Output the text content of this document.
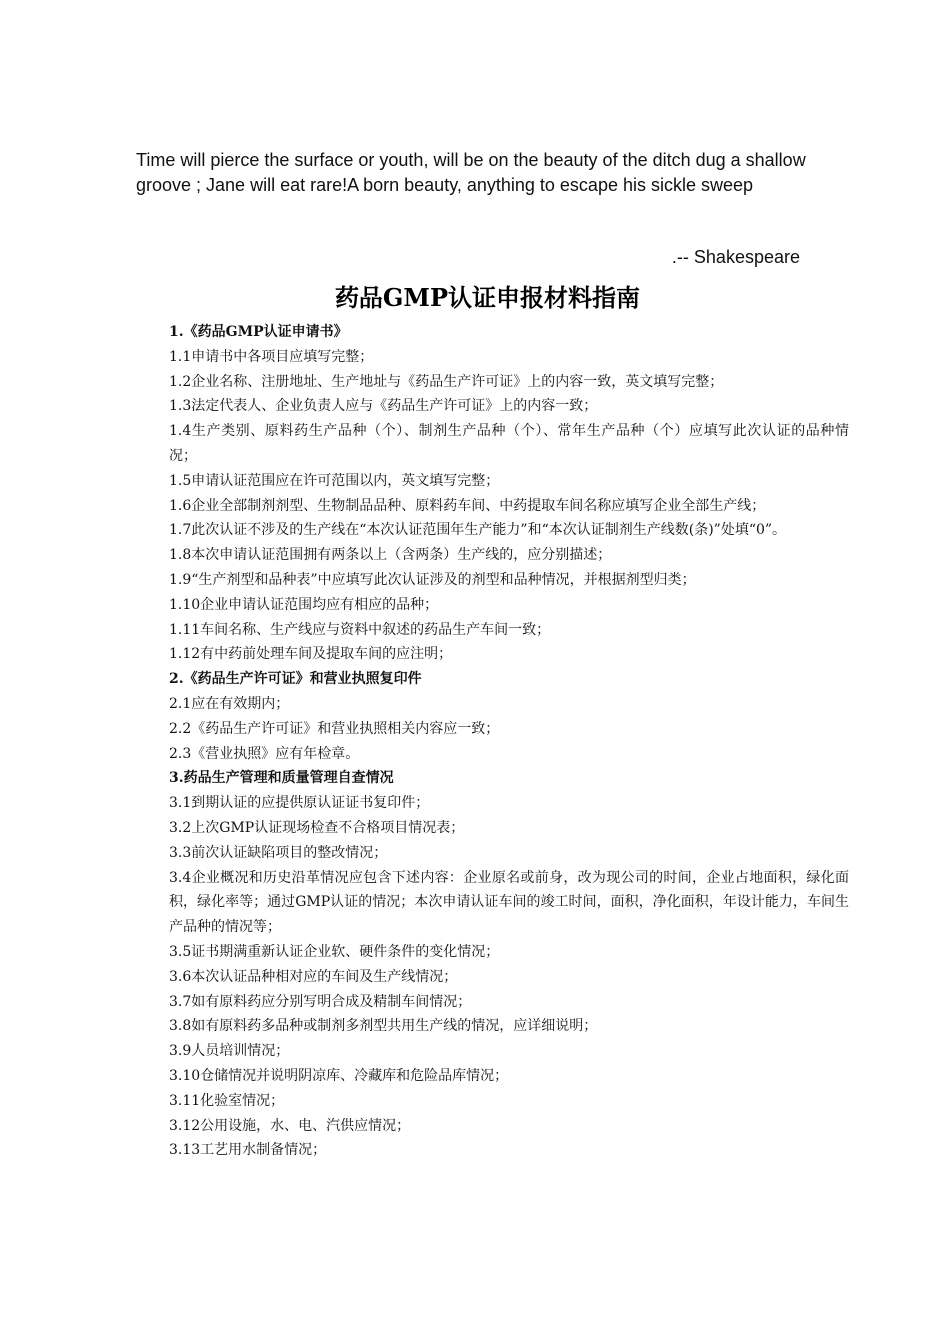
Time will pierce the surface or youth, will be on the beauty of the ditch dug a shallow groove ; Jane will eat rare!A born beauty, anything to escape his sickle sweep
.-- Shakespeare
药品GMP认证申报材料指南
1.《药品GMP认证申请书》
1.1申请书中各项目应填写完整；
1.2企业名称、注册地址、生产地址与《药品生产许可证》上的内容一致，英文填写完整；
1.3法定代表人、企业负责人应与《药品生产许可证》上的内容一致；
1.4生产类别、原料药生产品种（个）、制剂生产品种（个）、常年生产品种（个）应填写此次认证的品种情况；
1.5申请认证范围应在许可范围以内，英文填写完整；
1.6企业全部制剂剂型、生物制品品种、原料药车间、中药提取车间名称应填写企业全部生产线；
1.7此次认证不涉及的生产线在“本次认证范围年生产能力”和“本次认证制剂生产线数(条)”处填“0”。
1.8本次申请认证范围拥有两条以上（含两条）生产线的，应分别描述；
1.9“生产剂型和品种表”中应填写此次认证涉及的剂型和品种情况，并根据剂型归类；
1.10企业申请认证范围均应有相应的品种；
1.11车间名称、生产线应与资料中叙述的药品生产车间一致；
1.12有中药前处理车间及提取车间的应注明；
2.《药品生产许可证》和营业执照复印件
2.1应在有效期内；
2.2《药品生产许可证》和营业执照相关内容应一致；
2.3《营业执照》应有年检章。
3.药品生产管理和质量管理自查情况
3.1到期认证的应提供原认证证书复印件；
3.2上次GMP认证现场检查不合格项目情况表；
3.3前次认证缺陷项目的整改情况；
3.4企业概况和历史沿革情况应包含下述内容：企业原名或前身，改为现公司的时间，企业占地面积，绿化面积，绿化率等；通过GMP认证的情况；本次申请认证车间的竣工时间，面积，净化面积，年设计能力，车间生产品种的情况等；
3.5证书期满重新认证企业软、硬件条件的变化情况；
3.6本次认证品种相对应的车间及生产线情况；
3.7如有原料药应分别写明合成及精制车间情况；
3.8如有原料药多品种或制剂多剂型共用生产线的情况，应详细说明；
3.9人员培训情况；
3.10仓储情况并说明阴凉库、冷藏库和危险品库情况；
3.11化验室情况；
3.12公用设施，水、电、汽供应情况；
3.13工艺用水制备情况；
